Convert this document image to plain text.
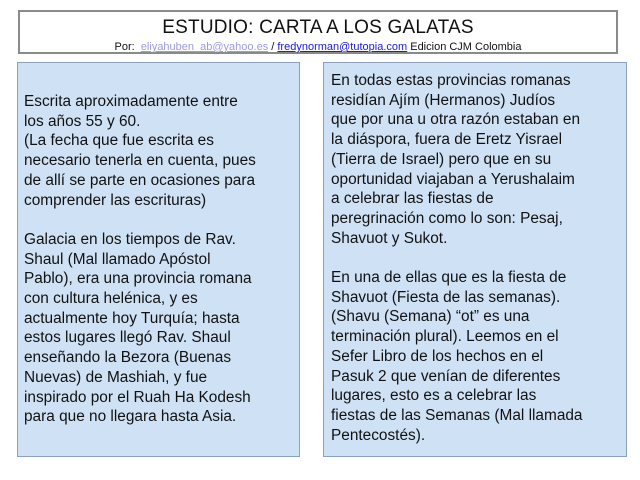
ESTUDIO: CARTA A LOS GALATAS
Por: eliyahuben_ab@yahoo.es / fredynorman@tutopia.com Edicion CJM Colombia

Escrita aproximadamente entre
los años 55 y 60.
(La fecha que fue escrita es
necesario tenerla en cuenta, pues
de allí se parte en ocasiones para
comprender las escrituras)

Galacia en los tiempos de Rav.
Shaul (Mal llamado Apóstol
Pablo), era una provincia romana
con cultura helénica, y es
actualmente hoy Turquía; hasta
estos lugares llegó Rav. Shaul
enseñando la Bezora (Buenas
Nuevas) de Mashiah, y fue
inspirado por el Ruah Ha Kodesh
para que no llegara hasta Asia.

En todas estas provincias romanas
residían Ajím (Hermanos) Judíos
que por una u otra razón estaban en
la diáspora, fuera de Eretz Yisrael
(Tierra de Israel) pero que en su
oportunidad viajaban a Yerushalaim
a celebrar las fiestas de
peregrinación como lo son: Pesaj,
Shavuot y Sukot.

En una de ellas que es la fiesta de
Shavuot (Fiesta de las semanas).
(Shavu (Semana) “ot” es una
terminación plural). Leemos en el
Sefer Libro de los hechos en el
Pasuk 2 que venían de diferentes
lugares, esto es a celebrar las
fiestas de las Semanas (Mal llamada
Pentecostés).
